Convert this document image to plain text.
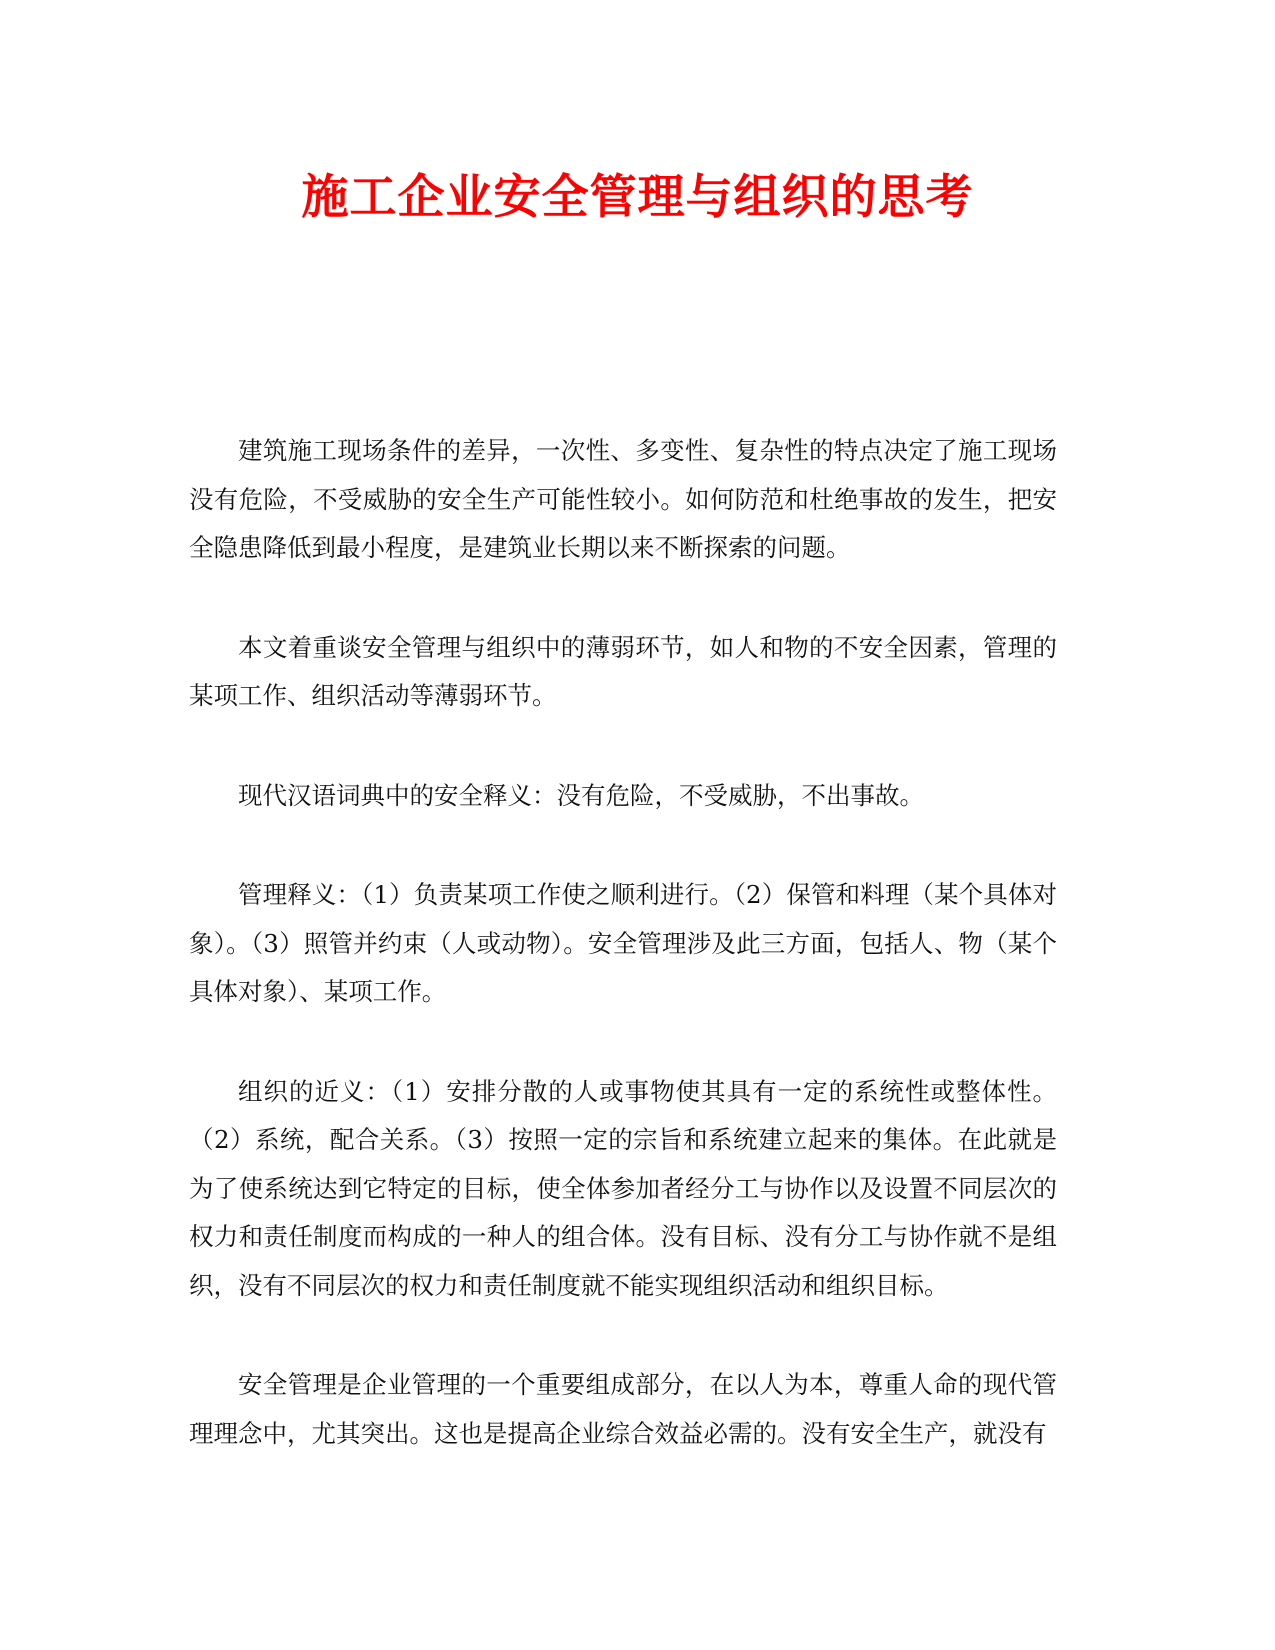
施工企业安全管理与组织的思考

建筑施工现场条件的差异，一次性、多变性、复杂性的特点决定了施工现场没有危险，不受威胁的安全生产可能性较小。如何防范和杜绝事故的发生，把安全隐患降低到最小程度，是建筑业长期以来不断探索的问题。

本文着重谈安全管理与组织中的薄弱环节，如人和物的不安全因素，管理的某项工作、组织活动等薄弱环节。

现代汉语词典中的安全释义：没有危险，不受威胁，不出事故。

管理释义：（1）负责某项工作使之顺利进行。（2）保管和料理（某个具体对象）。（3）照管并约束（人或动物）。安全管理涉及此三方面，包括人、物（某个具体对象）、某项工作。

组织的近义：（1）安排分散的人或事物使其具有一定的系统性或整体性。（2）系统，配合关系。（3）按照一定的宗旨和系统建立起来的集体。在此就是为了使系统达到它特定的目标，使全体参加者经分工与协作以及设置不同层次的权力和责任制度而构成的一种人的组合体。没有目标、没有分工与协作就不是组织，没有不同层次的权力和责任制度就不能实现组织活动和组织目标。

安全管理是企业管理的一个重要组成部分，在以人为本，尊重人命的现代管理理念中，尤其突出。这也是提高企业综合效益必需的。没有安全生产，就没有
